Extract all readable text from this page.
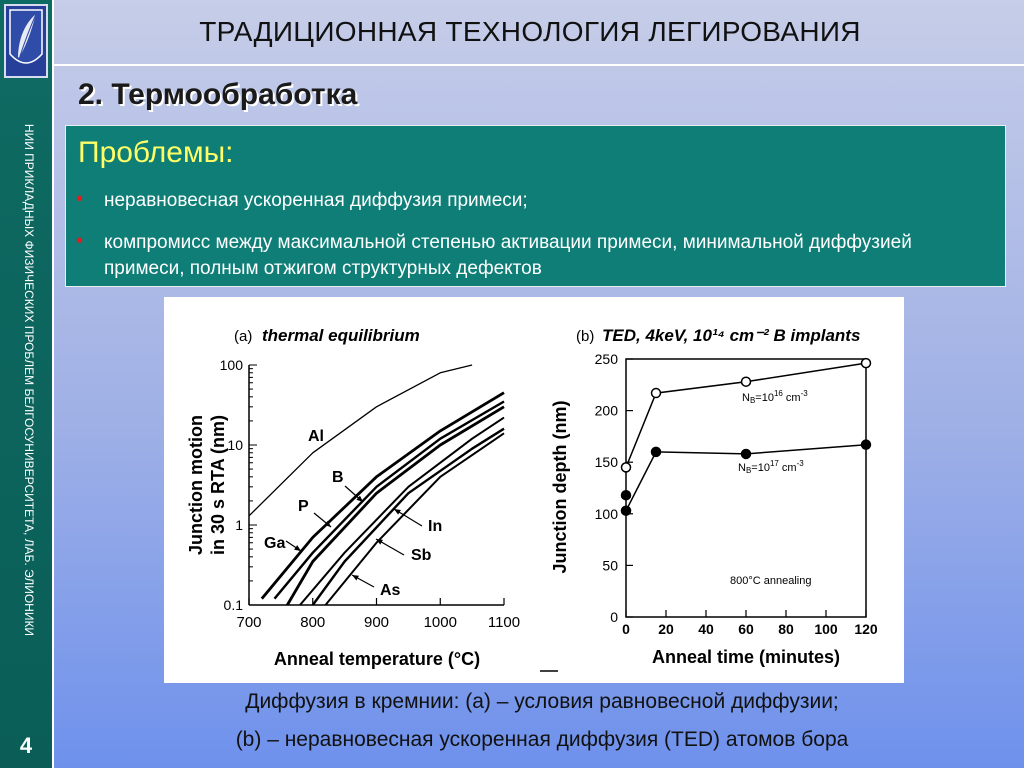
НИИ ПРИКЛАДНЫХ ФИЗИЧЕСКИХ ПРОБЛЕМ БЕЛГОСУНИВЕРСИТЕТА, ЛАБ. ЭЛИОНИКИ
4
ТРАДИЦИОННАЯ ТЕХНОЛОГИЯ ЛЕГИРОВАНИЯ
2. Термообработка
Проблемы:
• неравновесная ускоренная диффузия примеси;
• компромисс между максимальной степенью активации примеси, минимальной диффузией примеси, полным отжигом структурных дефектов
(a) thermal equilibrium
700	800	900 1000 1100
0.1
1
10
100
Anneal temperature (°C)
Junction motion in 30 s RTA (nm)	Al
B
P
Ga
In
Sb
As
(b) TED, 4keV, 10¹⁴ cm⁻² B implants
0 20 40 60 80 100 120
0
50
100
150
200
250
Anneal time (minutes)
Junction depth (nm)
$NB=10^{16}$ $cm^{-3}$
$NB=10^{17}$ $cm^{-3}$
800°C annealing
Диффузия в кремнии: (а) – условия равновесной диффузии;
(b) – неравновесная ускоренная диффузия (TED) атомов бора
